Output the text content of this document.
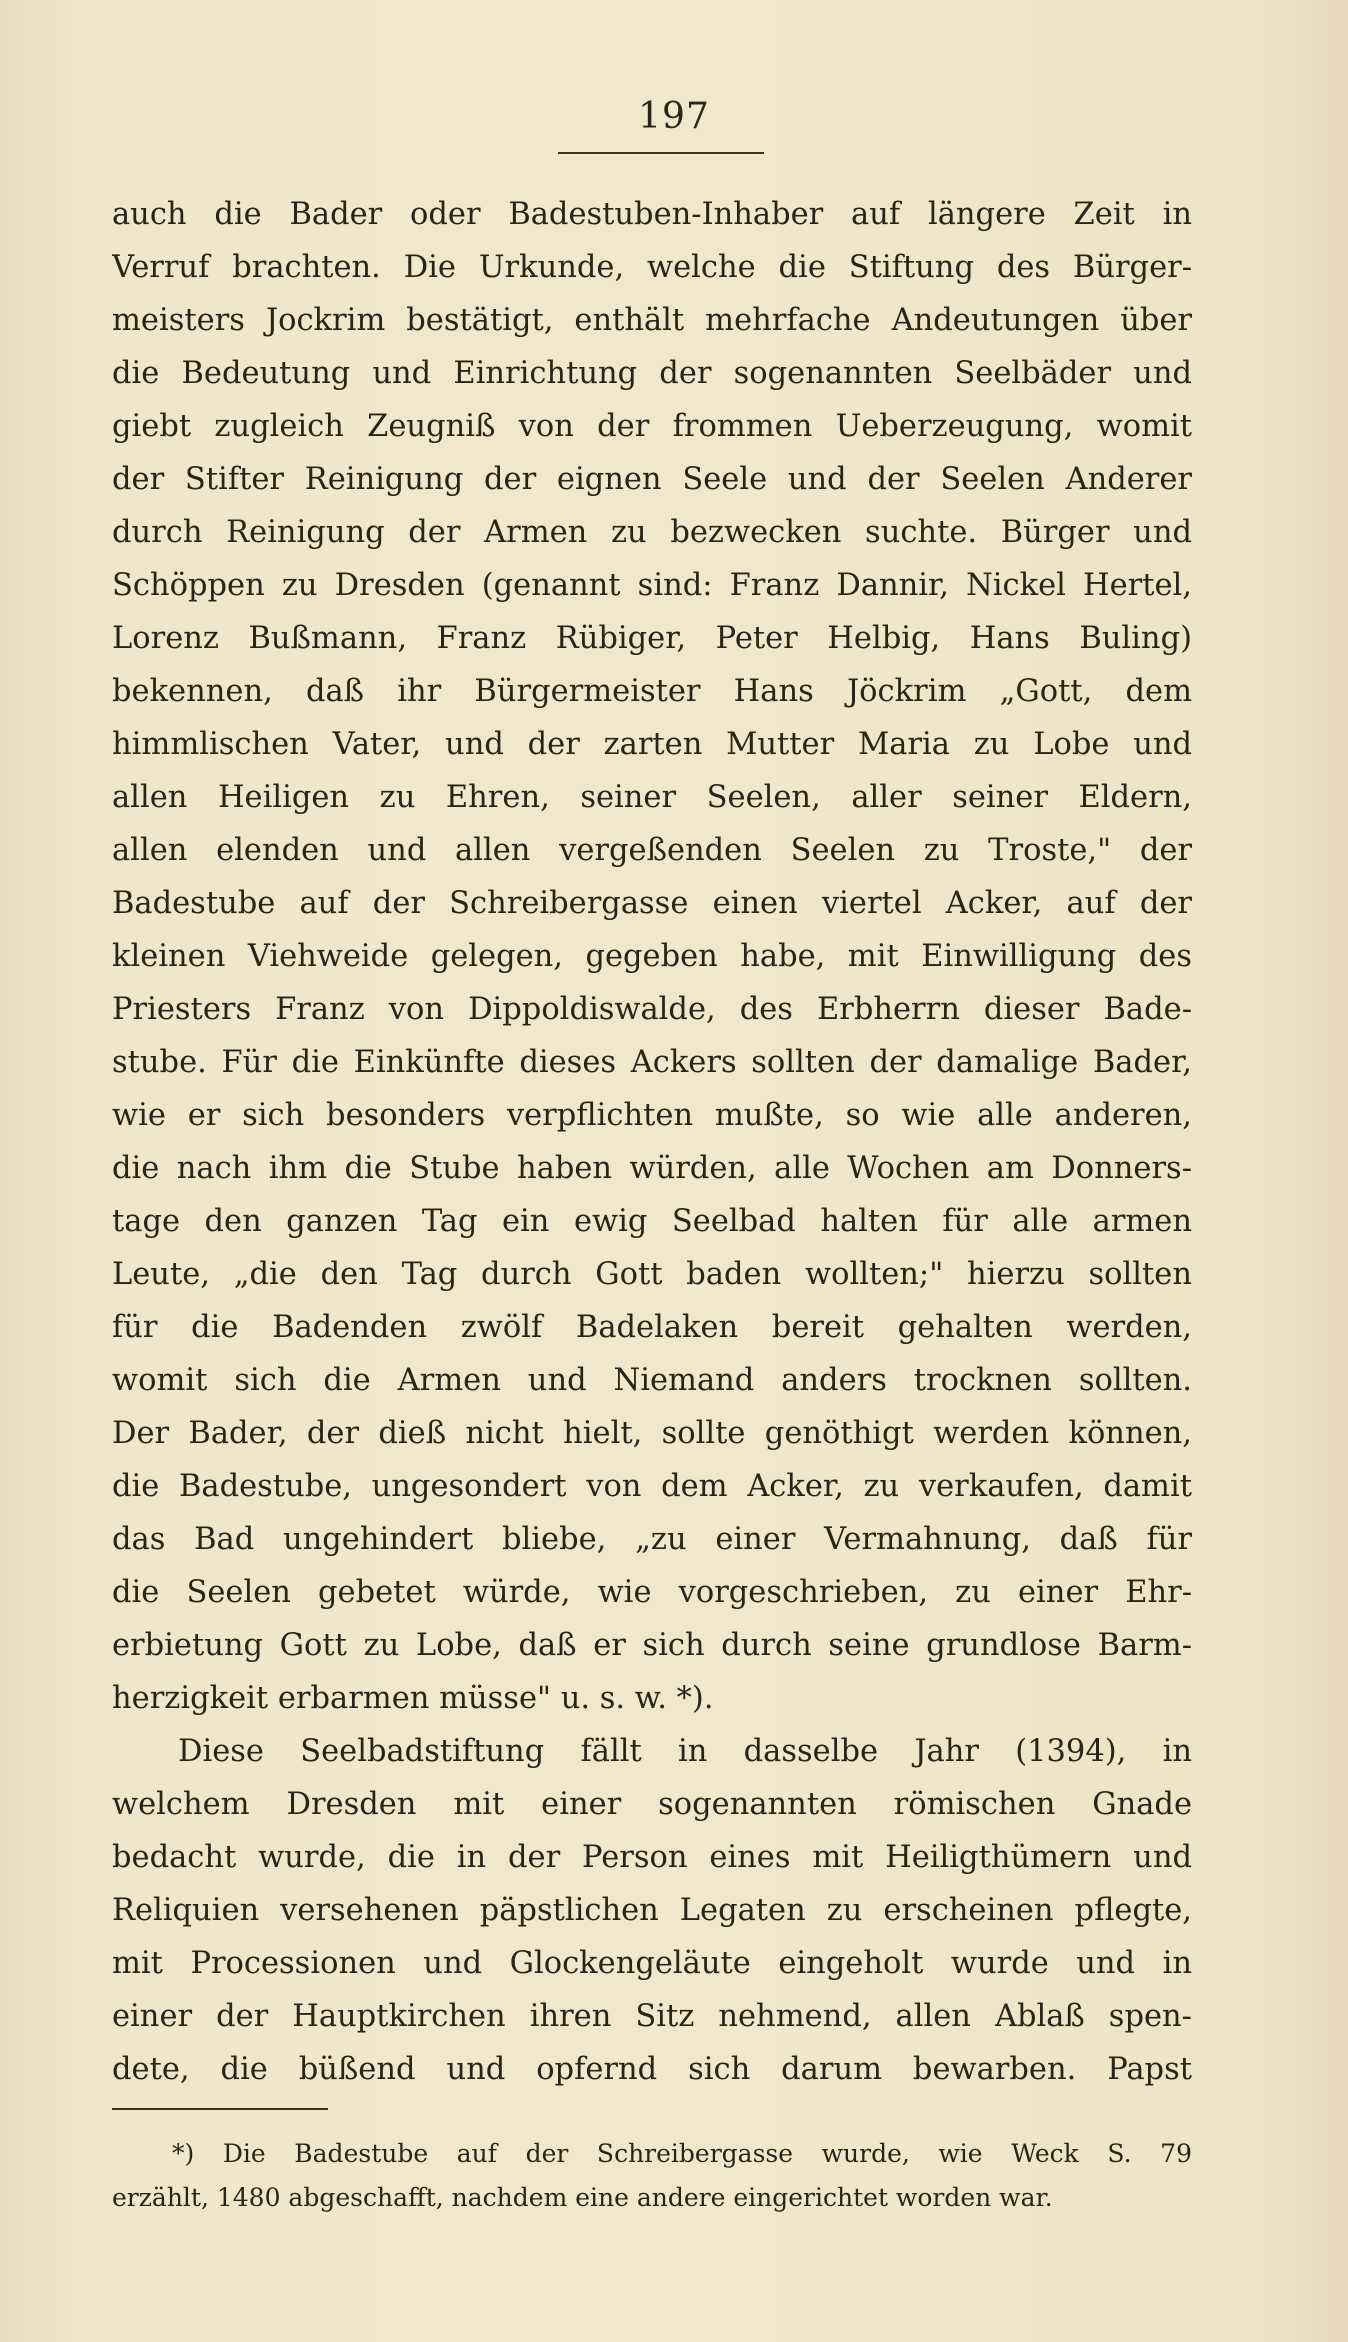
197
auch die Bader oder Badestuben-Inhaber auf längere Zeit in
Verruf brachten. Die Urkunde, welche die Stiftung des Bürger-
meisters Jockrim bestätigt, enthält mehrfache Andeutungen über
die Bedeutung und Einrichtung der sogenannten Seelbäder und
giebt zugleich Zeugniß von der frommen Ueberzeugung, womit
der Stifter Reinigung der eignen Seele und der Seelen Anderer
durch Reinigung der Armen zu bezwecken suchte. Bürger und
Schöppen zu Dresden (genannt sind: Franz Dannir, Nickel Hertel,
Lorenz Bußmann, Franz Rübiger, Peter Helbig, Hans Buling)
bekennen, daß ihr Bürgermeister Hans Jöckrim „Gott, dem
himmlischen Vater, und der zarten Mutter Maria zu Lobe und
allen Heiligen zu Ehren, seiner Seelen, aller seiner Eldern,
allen elenden und allen vergeßenden Seelen zu Troste," der
Badestube auf der Schreibergasse einen viertel Acker, auf der
kleinen Viehweide gelegen, gegeben habe, mit Einwilligung des
Priesters Franz von Dippoldiswalde, des Erbherrn dieser Bade-
stube. Für die Einkünfte dieses Ackers sollten der damalige Bader,
wie er sich besonders verpflichten mußte, so wie alle anderen,
die nach ihm die Stube haben würden, alle Wochen am Donners-
tage den ganzen Tag ein ewig Seelbad halten für alle armen
Leute, „die den Tag durch Gott baden wollten;" hierzu sollten
für die Badenden zwölf Badelaken bereit gehalten werden,
womit sich die Armen und Niemand anders trocknen sollten.
Der Bader, der dieß nicht hielt, sollte genöthigt werden können,
die Badestube, ungesondert von dem Acker, zu verkaufen, damit
das Bad ungehindert bliebe, „zu einer Vermahnung, daß für
die Seelen gebetet würde, wie vorgeschrieben, zu einer Ehr-
erbietung Gott zu Lobe, daß er sich durch seine grundlose Barm-
herzigkeit erbarmen müsse" u. s. w. *).
Diese Seelbadstiftung fällt in dasselbe Jahr (1394), in
welchem Dresden mit einer sogenannten römischen Gnade
bedacht wurde, die in der Person eines mit Heiligthümern und
Reliquien versehenen päpstlichen Legaten zu erscheinen pflegte,
mit Processionen und Glockengeläute eingeholt wurde und in
einer der Hauptkirchen ihren Sitz nehmend, allen Ablaß spen-
dete, die büßend und opfernd sich darum bewarben. Papst
*) Die Badestube auf der Schreibergasse wurde, wie Weck S. 79
erzählt, 1480 abgeschafft, nachdem eine andere eingerichtet worden war.
